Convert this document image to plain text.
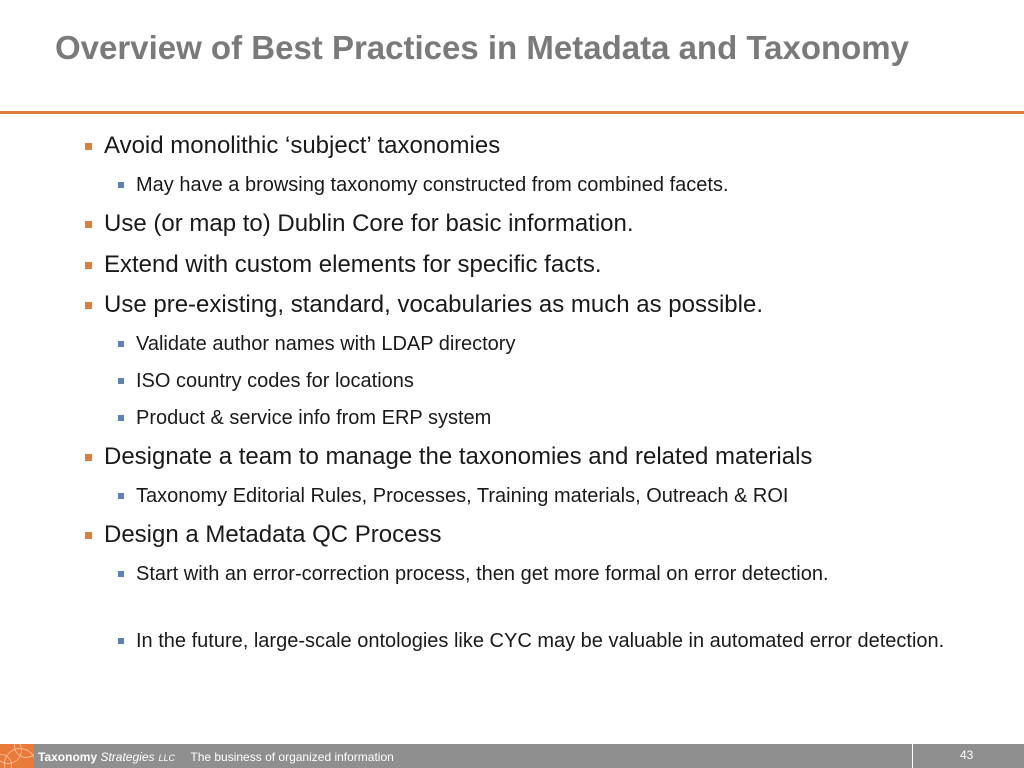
Overview of Best Practices in Metadata and Taxonomy
Avoid monolithic ‘subject’ taxonomies
May have a browsing taxonomy constructed from combined facets.
Use (or map to) Dublin Core for basic information.
Extend with custom elements for specific facts.
Use pre-existing, standard, vocabularies as much as possible.
Validate author names with LDAP directory
ISO country codes for locations
Product & service info from ERP system
Designate a team to manage the taxonomies and related materials
Taxonomy Editorial Rules, Processes, Training materials, Outreach & ROI
Design a Metadata QC Process
Start with an error-correction process, then get more formal on error detection.
In the future, large-scale ontologies like CYC may be valuable in automated error detection.
Taxonomy Strategies LLC The business of organized information	43
